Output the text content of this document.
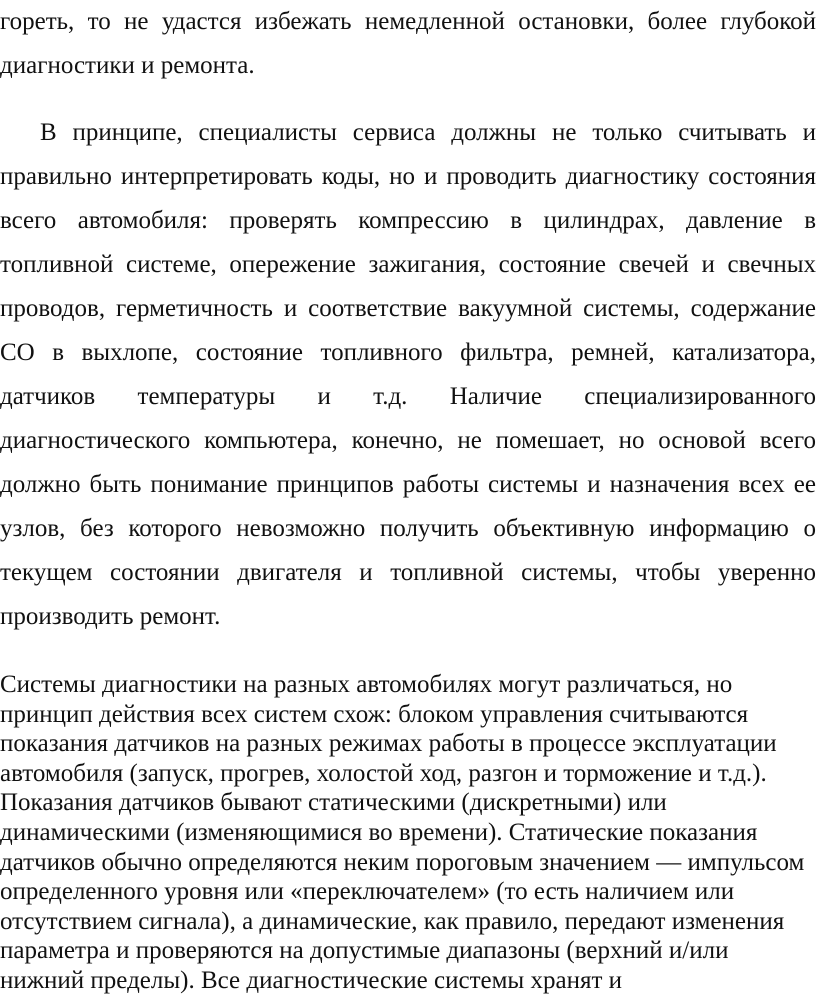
гореть, то не удастся избежать немедленной остановки, более глубокой диагностики и ремонта.

В принципе, специалисты сервиса должны не только считывать и правильно интерпретировать коды, но и проводить диагностику состояния всего автомобиля: проверять компрессию в цилиндрах, давление в топливной системе, опережение зажигания, состояние свечей и свечных проводов, герметичность и соответствие вакуумной системы, содержание СО в выхлопе, состояние топливного фильтра, ремней, катализатора, датчиков температуры и т.д. Наличие специализированного диагностического компьютера, конечно, не помешает, но основой всего должно быть понимание принципов работы системы и назначения всех ее узлов, без которого невозможно получить объективную информацию о текущем состоянии двигателя и топливной системы, чтобы уверенно производить ремонт.

Системы диагностики на разных автомобилях могут различаться, но принцип действия всех систем схож: блоком управления считываются показания датчиков на разных режимах работы в процессе эксплуатации автомобиля (запуск, прогрев, холостой ход, разгон и торможение и т.д.). Показания датчиков бывают статическими (дискретными) или динамическими (изменяющимися во времени). Статические показания датчиков обычно определяются неким пороговым значением — импульсом определенного уровня или «переключателем» (то есть наличием или отсутствием сигнала), а динамические, как правило, передают изменения параметра и проверяются на допустимые диапазоны (верхний и/или нижний пределы). Все диагностические системы хранят и
